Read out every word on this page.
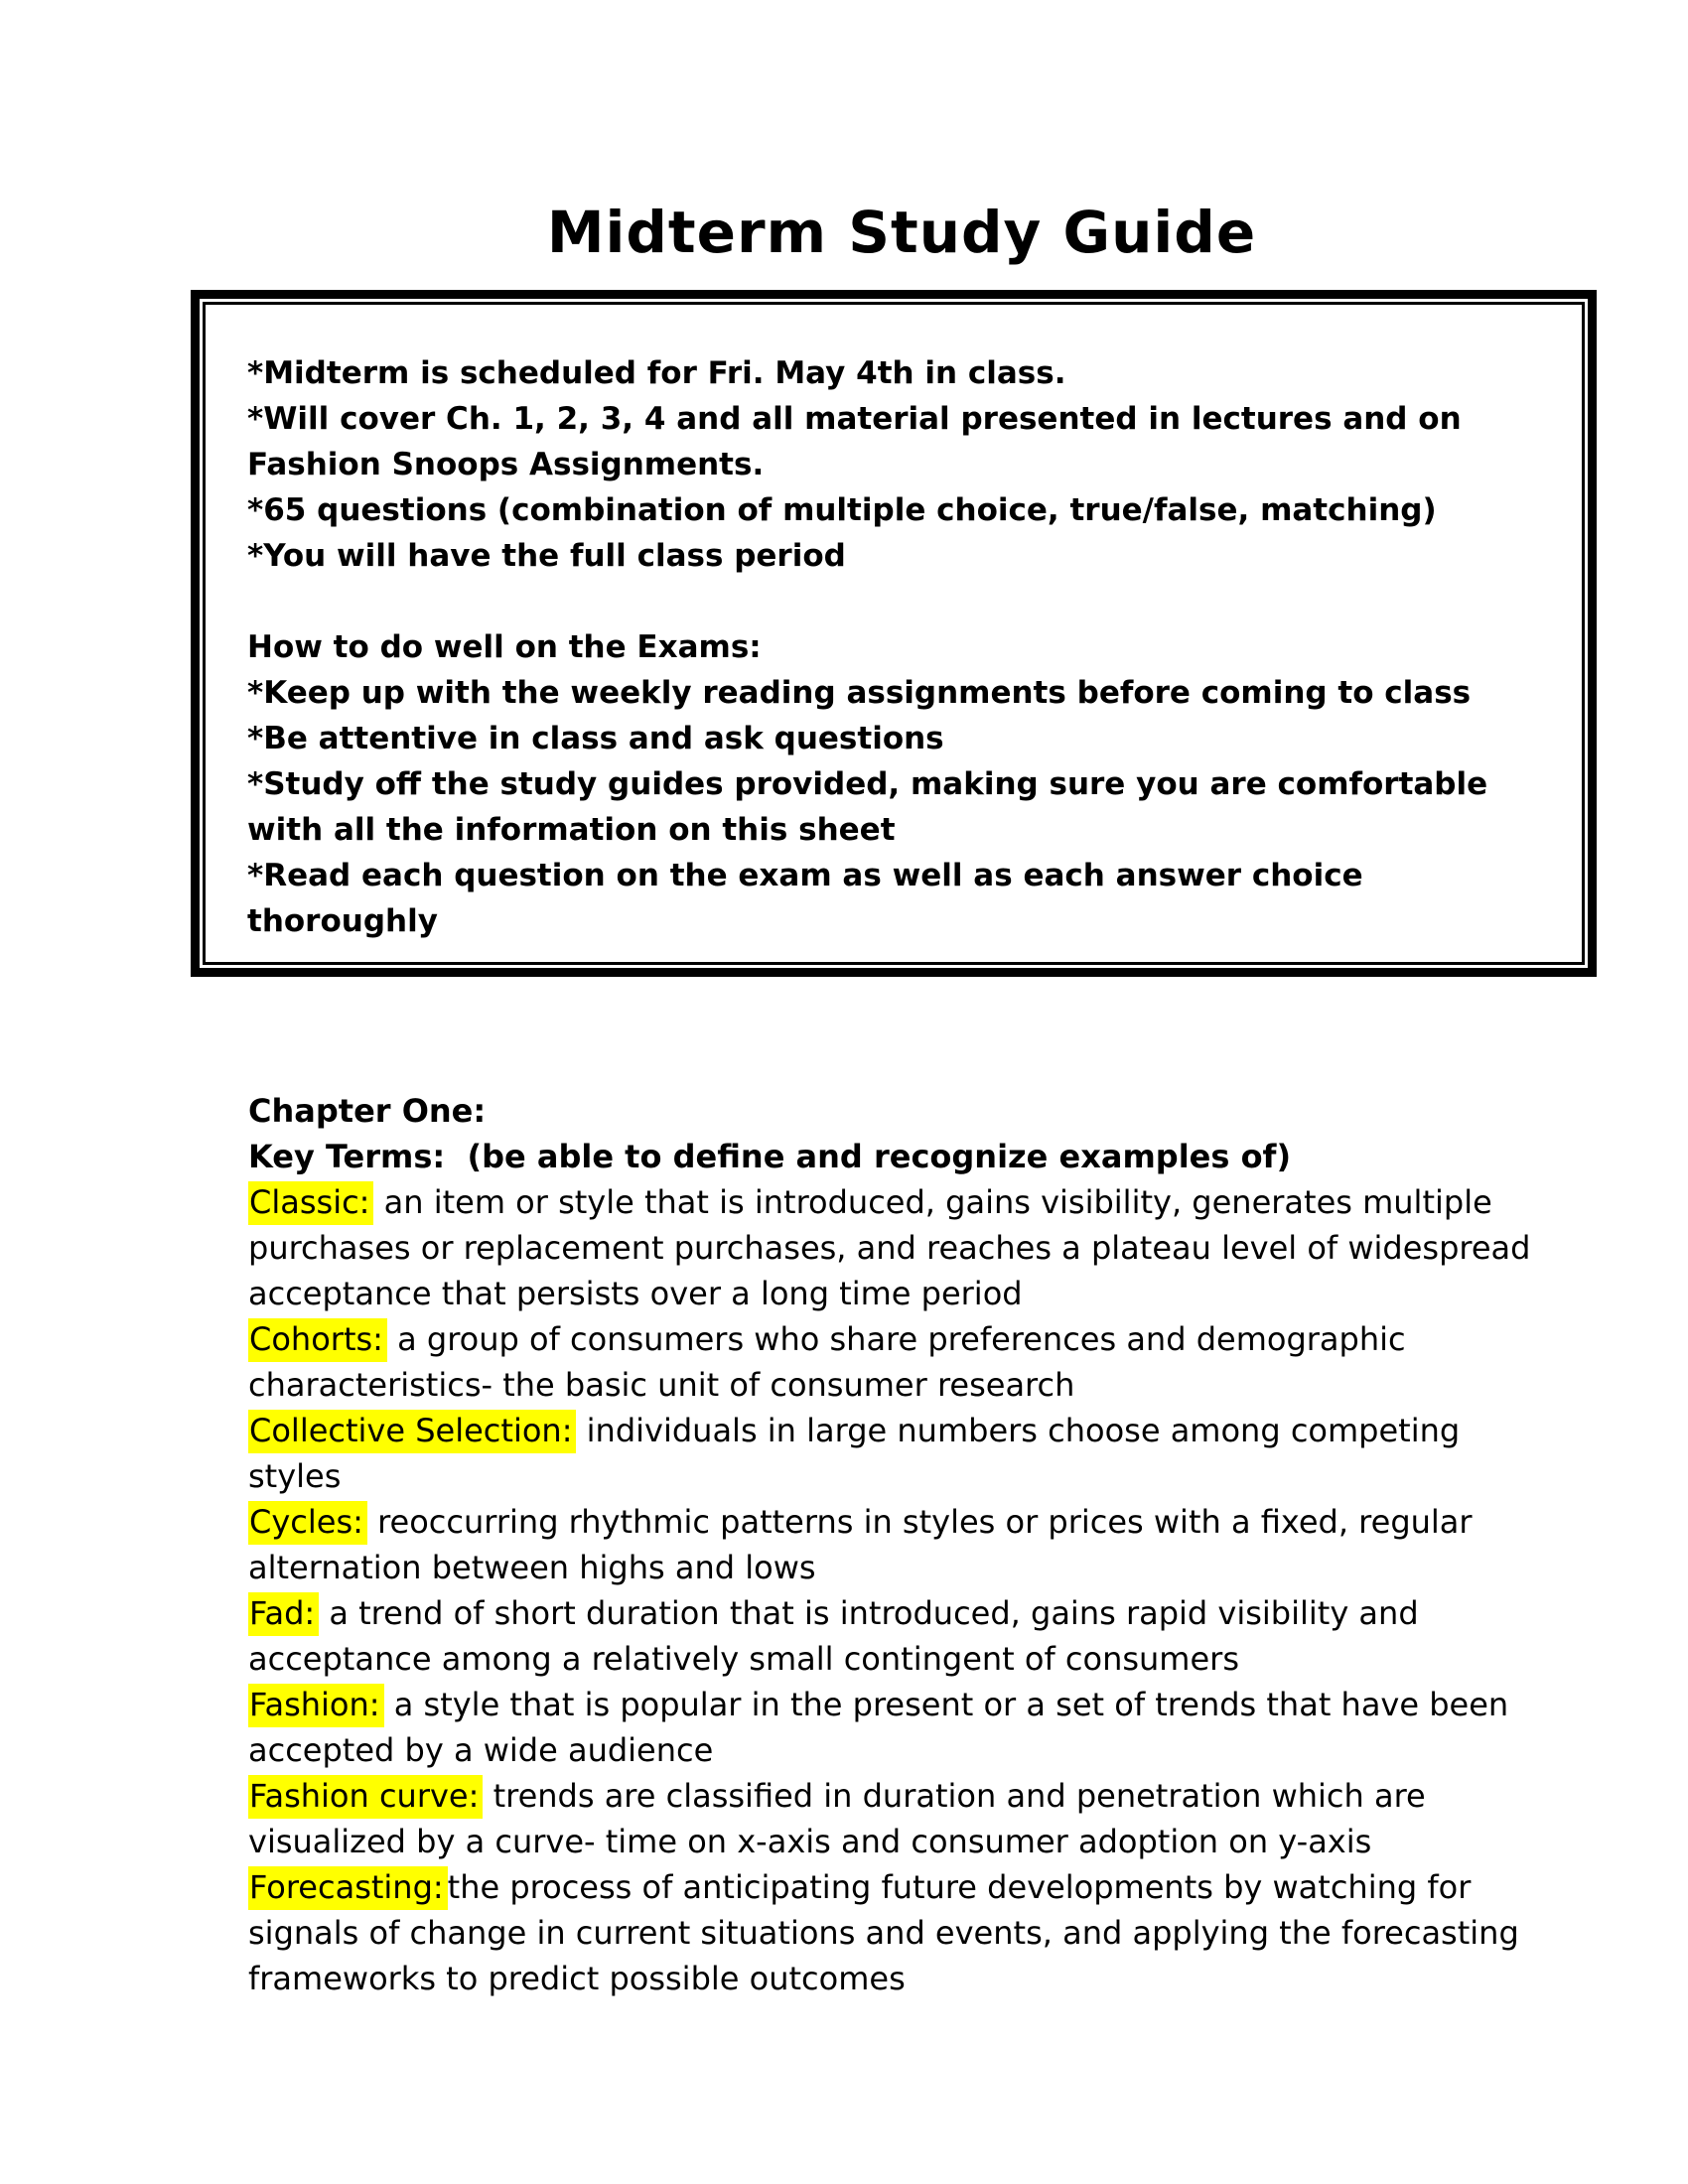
Midterm Study Guide

*Midterm is scheduled for Fri. May 4th in class.

*Will cover Ch. 1, 2, 3, 4 and all material presented in lectures and on Fashion Snoops Assignments.

*65 questions (combination of multiple choice, true/false, matching)

*You will have the full class period

How to do well on the Exams:

*Keep up with the weekly reading assignments before coming to class

*Be attentive in class and ask questions

*Study off the study guides provided, making sure you are comfortable with all the information on this sheet

*Read each question on the exam as well as each answer choice thoroughly

Chapter One:

Key Terms:  (be able to define and recognize examples of)

Classic: an item or style that is introduced, gains visibility, generates multiple purchases or replacement purchases, and reaches a plateau level of widespread acceptance that persists over a long time period

Cohorts: a group of consumers who share preferences and demographic characteristics- the basic unit of consumer research

Collective Selection: individuals in large numbers choose among competing styles

Cycles: reoccurring rhythmic patterns in styles or prices with a fixed, regular alternation between highs and lows

Fad: a trend of short duration that is introduced, gains rapid visibility and acceptance among a relatively small contingent of consumers

Fashion: a style that is popular in the present or a set of trends that have been accepted by a wide audience

Fashion curve: trends are classified in duration and penetration which are visualized by a curve- time on x-axis and consumer adoption on y-axis

Forecasting: the process of anticipating future developments by watching for signals of change in current situations and events, and applying the forecasting frameworks to predict possible outcomes
